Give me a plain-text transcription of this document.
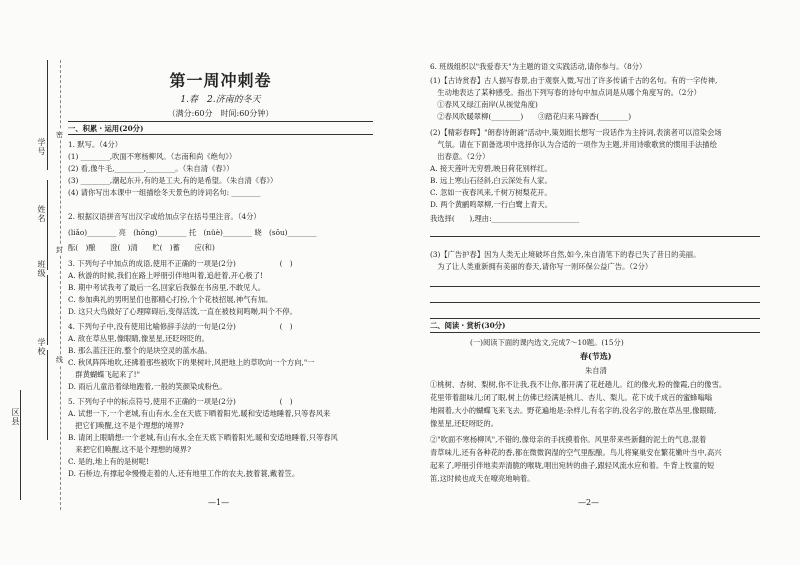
学号
姓名
班级
学校
区县
密
封
线
第一周冲刺卷
1.春　2.济南的冬天
（满分:60分　时间:60分钟）
一、积累・运用(20分)
1. 默写。（4分）
(1) ________,吹面不寒杨柳风。（志南和尚《绝句》）
(2) 看,像牛毛,________,________。（朱自清《春》）
(3) ________,潮起东升,有的是工夫,有的是希望。（朱自清《春》）
(4) 请你写出本课中一组描绘冬天景色的诗词名句: ________
2. 根据汉语拼音写出汉字或给加点字在括号里注音。（4分）
(liǎo)________ 亮　(hōng)________ 托　(nüè)________ 晓　(sǒu)________
酝(　)酿　　澄(　)清　　贮(　)蓄　　应(和)
3. 下列句子中加点的成语,使用不正确的一项是(2分)　　　　　　(　)
A. 秋游的时候,我们在路上呼朋引伴地叫着,追赶着,开心极了!
B. 期中考试我考了最后一名,回家后我躲在书房里,不敢见人。
C. 参加典礼的男明星们也都精心打扮,个个花枝招展,神气有加。
D. 这只大鸟做好了心理障碍后,变得活泼,一直在被枝间鸣啭,叫个不停。
4. 下列句子中,没有使用比喻修辞手法的一句是(2分)　　　　　　(　)
A. 敌在草丛里,像眼睛,像星星,还眨呀眨的。
B. 那么蓝汪汪的,整个的是块空灵的蓝水晶。
C. 秋风阵阵地吹,还拂着那些被吹下的果树叶,风把地上的草吹向一个方向,"一
　群黄蝴蝶飞起来了!"
D. 雨后儿童沿着绿地跑着,一般的笑颜染成粉色。
5. 下列句子中的标点符号,使用不正确的一项是(2分)　　　　　　(　)
A. 试想一下,一个老城,有山有水,全在天底下晒着阳光,暖和安适地睡着,只等春风来
　把它们唤醒,这不是个理想的境界?
B. 请闭上眼睛想:一个老城,有山有水,全在天底下晒着阳光,暖和安适地睡着,只等春风
　来把它们唤醒,这不是个理想的境界?
C. 是的,地上有的是树呢!
D. 石桥边,有撑起伞慢慢走着的人,还有地里工作的农夫,披着蓑,戴着笠。
—1—
6. 班级组织以"我爱春天"为主题的语文实践活动,请你参与。（8分）
(1)【古诗赏春】古人描写春景,由于观察入微,写出了许多传诵千古的名句。有的一字传神,
　生动地表达了某种感受。指出下列写春的诗句中加点词是从哪个角度写的。（2分）
　①春风又绿江南岸(从视觉角度)
　②春风吹暖翠柳(________)　　③踏花归来马蹄香(________)
(2)【精彩春晖】"朗春诗朗诵"活动中,策划组长想写一段话作为主持词,表演者可以渲染会场
　气氛。请在下面备选项中选择你认为合适的一项作为主题,并用诗歌歌赏的惯用手法描绘
　出春意。（2分）
A. 接天莲叶无穷碧,映日荷花别样红。
B. 远上寒山石径斜,白云深处有人家。
C. 忽如一夜春风来,千树万树梨花开。
D. 两个黄鹂鸣翠柳,一行白鹭上青天。
我选择(　　),理由:________________________
(3)【广告护春】因为人类无止境破坏自然,如今,朱自清笔下的春已失了昔日的美丽。
　为了让人类重新拥有美丽的春天,请你写一则环保公益广告。（2分）
二、阅读・赏析(30分)
(一)阅读下面的课内选文,完成7～10题。(15分)
春(节选)
朱自清
①桃树、杏树、梨树,你不让我,我不让你,都开满了花赶趟儿。红的像火,粉的像霞,白的像雪。
花里带着甜味儿;闭了眼,树上仿佛已经满是桃儿、杏儿、梨儿。花下成千成百的蜜蜂嗡嗡
地闹着,大小的蝴蝶飞来飞去。野花遍地是:杂样儿,有名字的,没名字的,散在草丛里,像眼睛,
像星星,还眨呀眨的。
②"吹面不寒杨柳风",不错的,像母亲的手抚摸着你。风里带来些新翻的泥土的气息,混着
青草味儿,还有各种花的香,都在微微润湿的空气里酝酿。鸟儿将窠巢安在繁花嫩叶当中,高兴
起来了,呼朋引伴地卖弄清脆的喉咙,唱出宛转的曲子,跟轻风流水应和着。牛背上牧童的短
笛,这时候也成天在嘹亮地响着。
—2—
